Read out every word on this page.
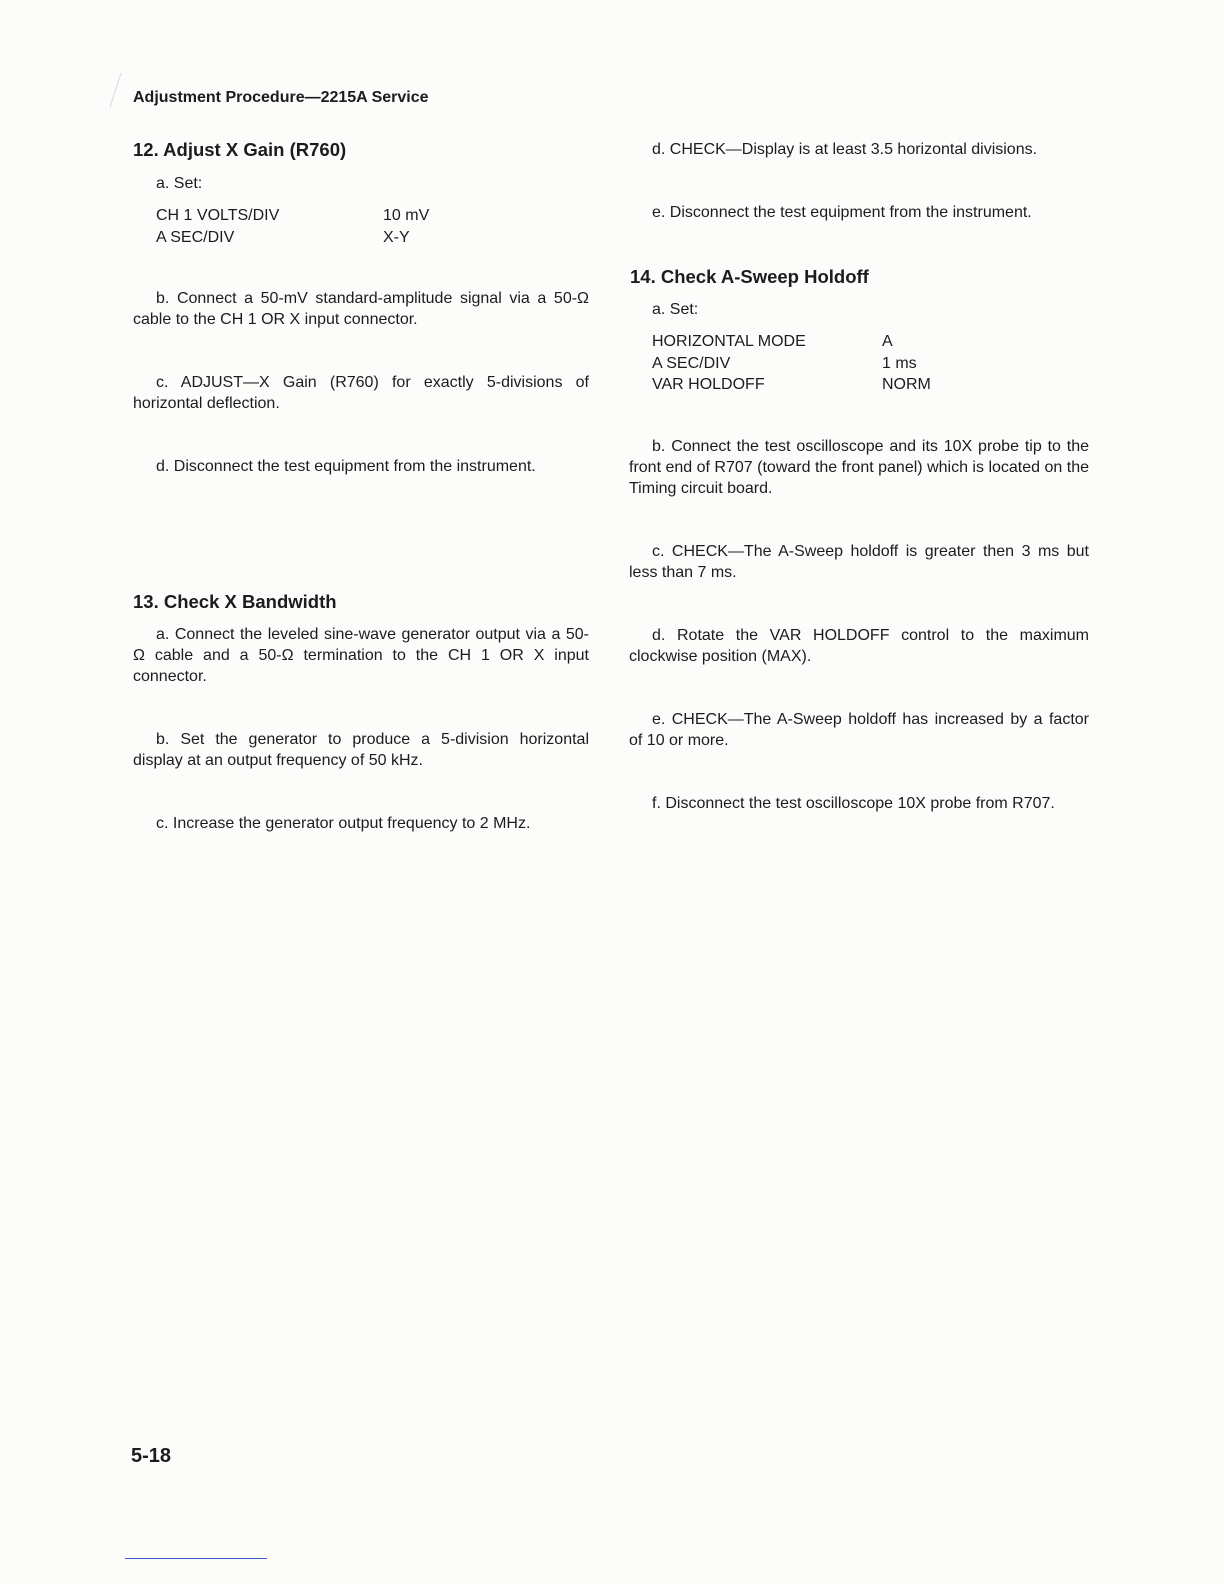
Adjustment Procedure—2215A Service
12. Adjust X Gain (R760)
a. Set:
CH 1 VOLTS/DIV	10 mV
A SEC/DIV	X-Y
b. Connect a 50-mV standard-amplitude signal via a 50-Ω cable to the CH 1 OR X input connector.
c. ADJUST—X Gain (R760) for exactly 5-divisions of horizontal deflection.
d. Disconnect the test equipment from the instrument.
13. Check X Bandwidth
a. Connect the leveled sine-wave generator output via a 50-Ω cable and a 50-Ω termination to the CH 1 OR X input connector.
b. Set the generator to produce a 5-division horizontal display at an output frequency of 50 kHz.
c. Increase the generator output frequency to 2 MHz.
d. CHECK—Display is at least 3.5 horizontal divisions.
e. Disconnect the test equipment from the instrument.
14. Check A-Sweep Holdoff
a. Set:
HORIZONTAL MODE	A
A SEC/DIV	1 ms
VAR HOLDOFF	NORM
b. Connect the test oscilloscope and its 10X probe tip to the front end of R707 (toward the front panel) which is located on the Timing circuit board.
c. CHECK—The A-Sweep holdoff is greater then 3 ms but less than 7 ms.
d. Rotate the VAR HOLDOFF control to the maximum clockwise position (MAX).
e. CHECK—The A-Sweep holdoff has increased by a factor of 10 or more.
f. Disconnect the test oscilloscope 10X probe from R707.
5-18
